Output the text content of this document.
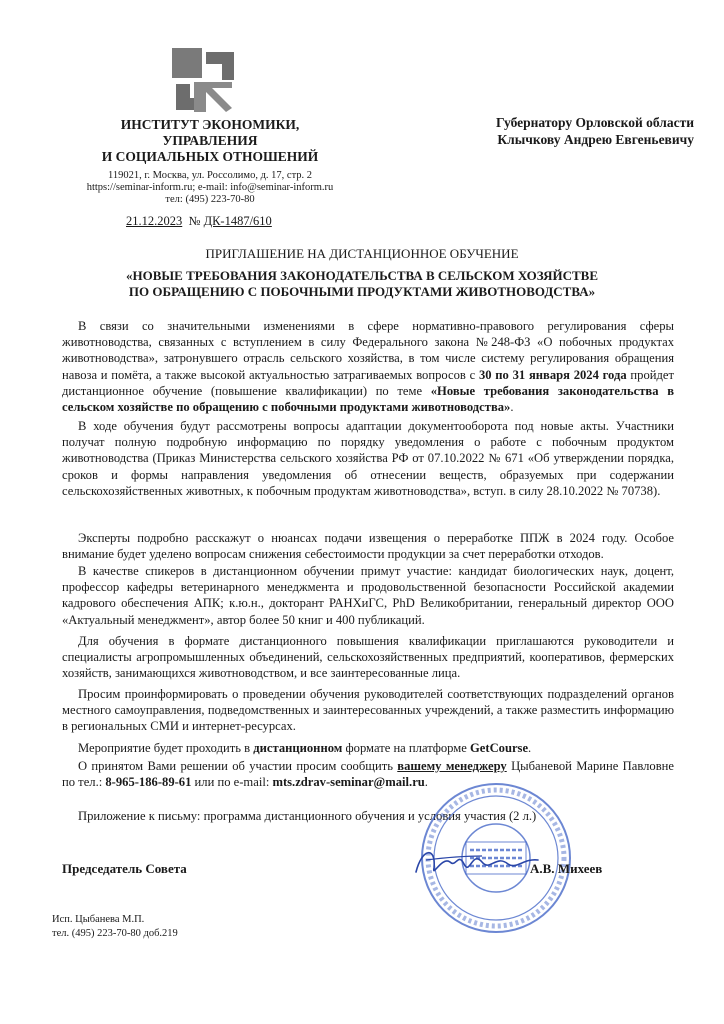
ИНСТИТУТ ЭКОНОМИКИ,
УПРАВЛЕНИЯ
И СОЦИАЛЬНЫХ ОТНОШЕНИЙ
119021, г. Москва, ул. Россолимо, д. 17, стр. 2
https://seminar-inform.ru; e-mail: info@seminar-inform.ru
тел: (495) 223-70-80
Губернатору Орловской области
Клычкову Андрею Евгеньевичу
21.12.2023 № ДК-1487/610
ПРИГЛАШЕНИЕ НА ДИСТАНЦИОННОЕ ОБУЧЕНИЕ
«НОВЫЕ ТРЕБОВАНИЯ ЗАКОНОДАТЕЛЬСТВА В СЕЛЬСКОМ ХОЗЯЙСТВЕ
ПО ОБРАЩЕНИЮ С ПОБОЧНЫМИ ПРОДУКТАМИ ЖИВОТНОВОДСТВА»
В связи со значительными изменениями в сфере нормативно-правового регулирования сферы животноводства, связанных с вступлением в силу Федерального закона №248-ФЗ «О побочных продуктах животноводства», затронувшего отрасль сельского хозяйства, в том числе систему регулирования обращения навоза и помёта, а также высокой актуальностью затрагиваемых вопросов с 30 по 31 января 2024 года пройдет дистанционное обучение (повышение квалификации) по теме «Новые требования законодательства в сельском хозяйстве по обращению с побочными продуктами животноводства».
В ходе обучения будут рассмотрены вопросы адаптации документооборота под новые акты. Участники получат полную подробную информацию по порядку уведомления о работе с побочным продуктом животноводства (Приказ Министерства сельского хозяйства РФ от 07.10.2022 № 671 «Об утверждении порядка, сроков и формы направления уведомления об отнесении веществ, образуемых при содержании сельскохозяйственных животных, к побочным продуктам животноводства», вступ. в силу 28.10.2022 № 70738).
Эксперты подробно расскажут о нюансах подачи извещения о переработке ППЖ в 2024 году. Особое внимание будет уделено вопросам снижения себестоимости продукции за счет переработки отходов.
В качестве спикеров в дистанционном обучении примут участие: кандидат биологических наук, доцент, профессор кафедры ветеринарного менеджмента и продовольственной безопасности Российской академии кадрового обеспечения АПК; к.ю.н., докторант РАНХиГС, PhD Великобритании, генеральный директор ООО «Актуальный менеджмент», автор более 50 книг и 400 публикаций.
Для обучения в формате дистанционного повышения квалификации приглашаются руководители и специалисты агропромышленных объединений, сельскохозяйственных предприятий, кооперативов, фермерских хозяйств, занимающихся животноводством, и все заинтересованные лица.
Просим проинформировать о проведении обучения руководителей соответствующих подразделений органов местного самоуправления, подведомственных и заинтересованных учреждений, а также разместить информацию в региональных СМИ и интернет-ресурсах.
Мероприятие будет проходить в дистанционном формате на платформе GetCourse.
О принятом Вами решении об участии просим сообщить вашему менеджеру Цыбаневой Марине Павловне по тел.: 8-965-186-89-61 или по e-mail: mts.zdrav-seminar@mail.ru.
Приложение к письму: программа дистанционного обучения и условия участия (2 л.)
Председатель Совета	А.В. Михеев
Исп. Цыбанева М.П.
тел. (495) 223-70-80 доб.219
